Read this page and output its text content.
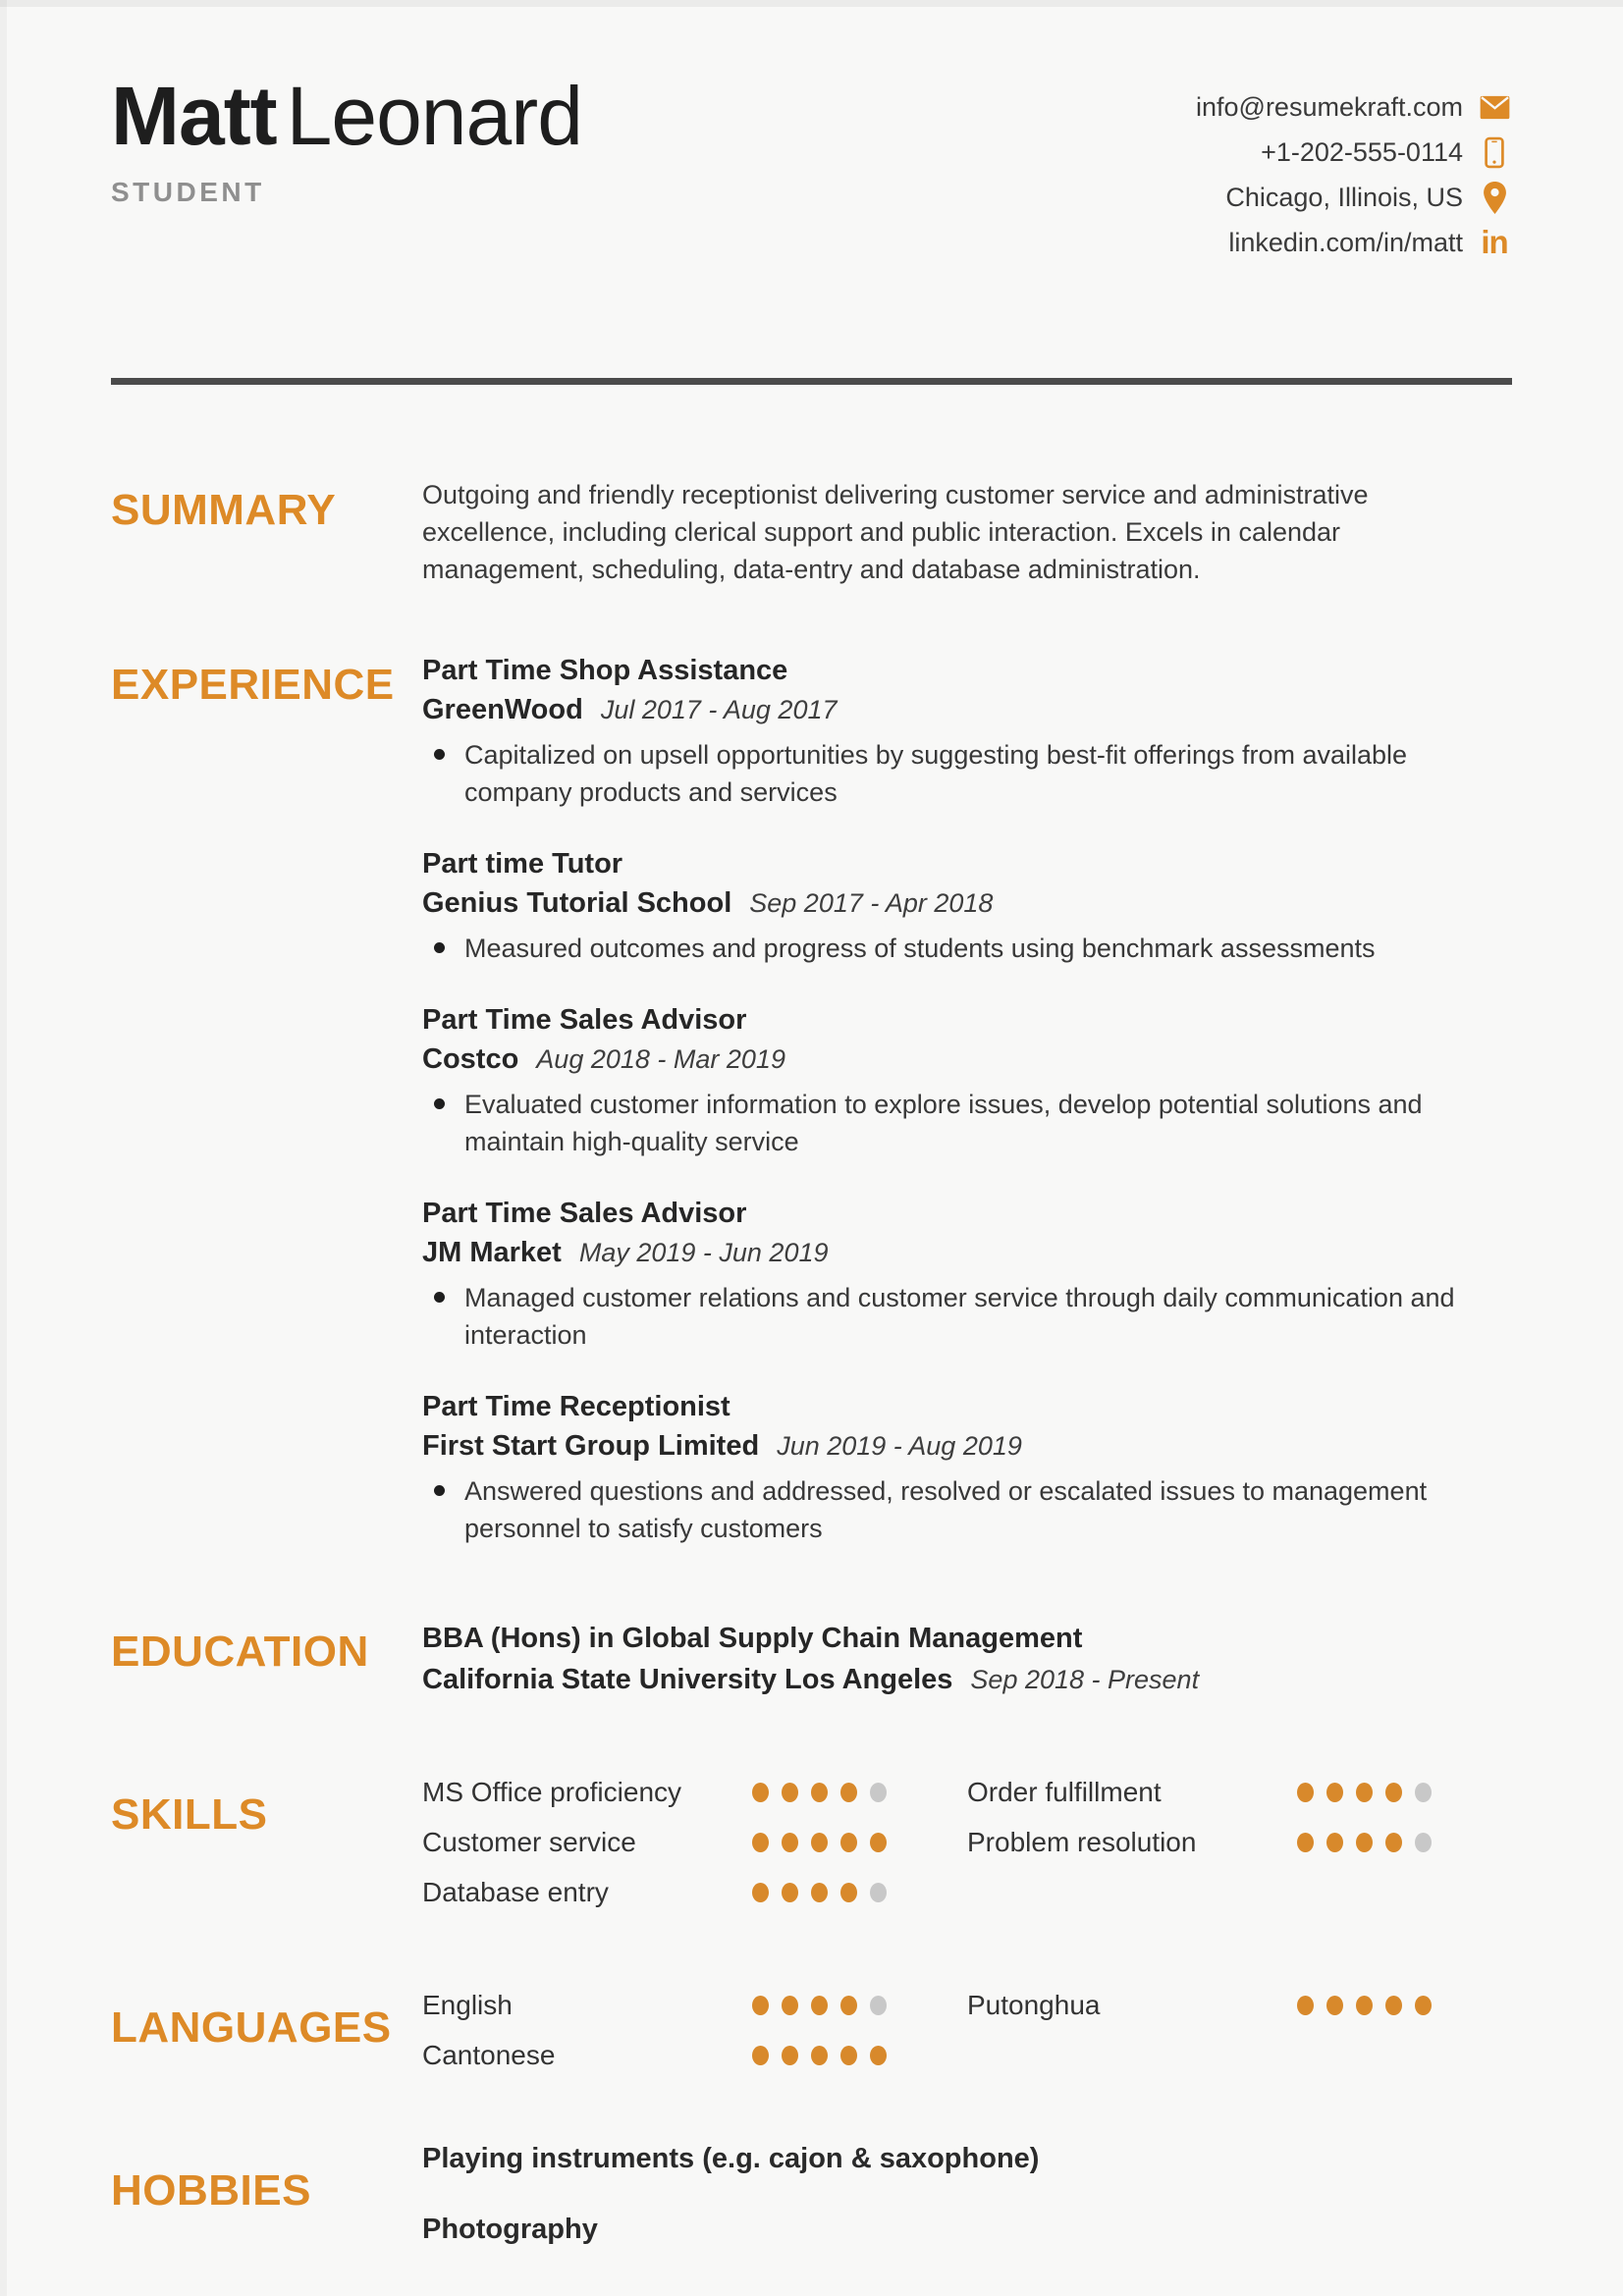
Matt Leonard
STUDENT
info@resumekraft.com
+1-202-555-0114
Chicago, Illinois, US
linkedin.com/in/matt in
SUMMARY	Outgoing and friendly receptionist delivering customer service and administrative excellence, including clerical support and public interaction. Excels in calendar management, scheduling, data-entry and database administration.
EXPERIENCE Part Time Shop Assistance
GreenWood Jul 2017 - Aug 2017
Capitalized on upsell opportunities by suggesting best-fit offerings from available company products and services
Part time Tutor
Genius Tutorial School Sep 2017 - Apr 2018
Measured outcomes and progress of students using benchmark assessments
Part Time Sales Advisor
Costco Aug 2018 - Mar 2019
Evaluated customer information to explore issues, develop potential solutions and maintain high-quality service
Part Time Sales Advisor
JM Market May 2019 - Jun 2019
Managed customer relations and customer service through daily communication and interaction
Part Time Receptionist
First Start Group Limited Jun 2019 - Aug 2019
Answered questions and addressed, resolved or escalated issues to management personnel to satisfy customers
EDUCATION	BBA (Hons) in Global Supply Chain Management
California State University Los Angeles Sep 2018 - Present
SKILLS	MS Office proficiency
Customer service
Database entry
Order fulfillment
Problem resolution
LANGUAGES	English
Cantonese
Putonghua
HOBBIES
Playing instruments (e.g. cajon & saxophone)
Photography
